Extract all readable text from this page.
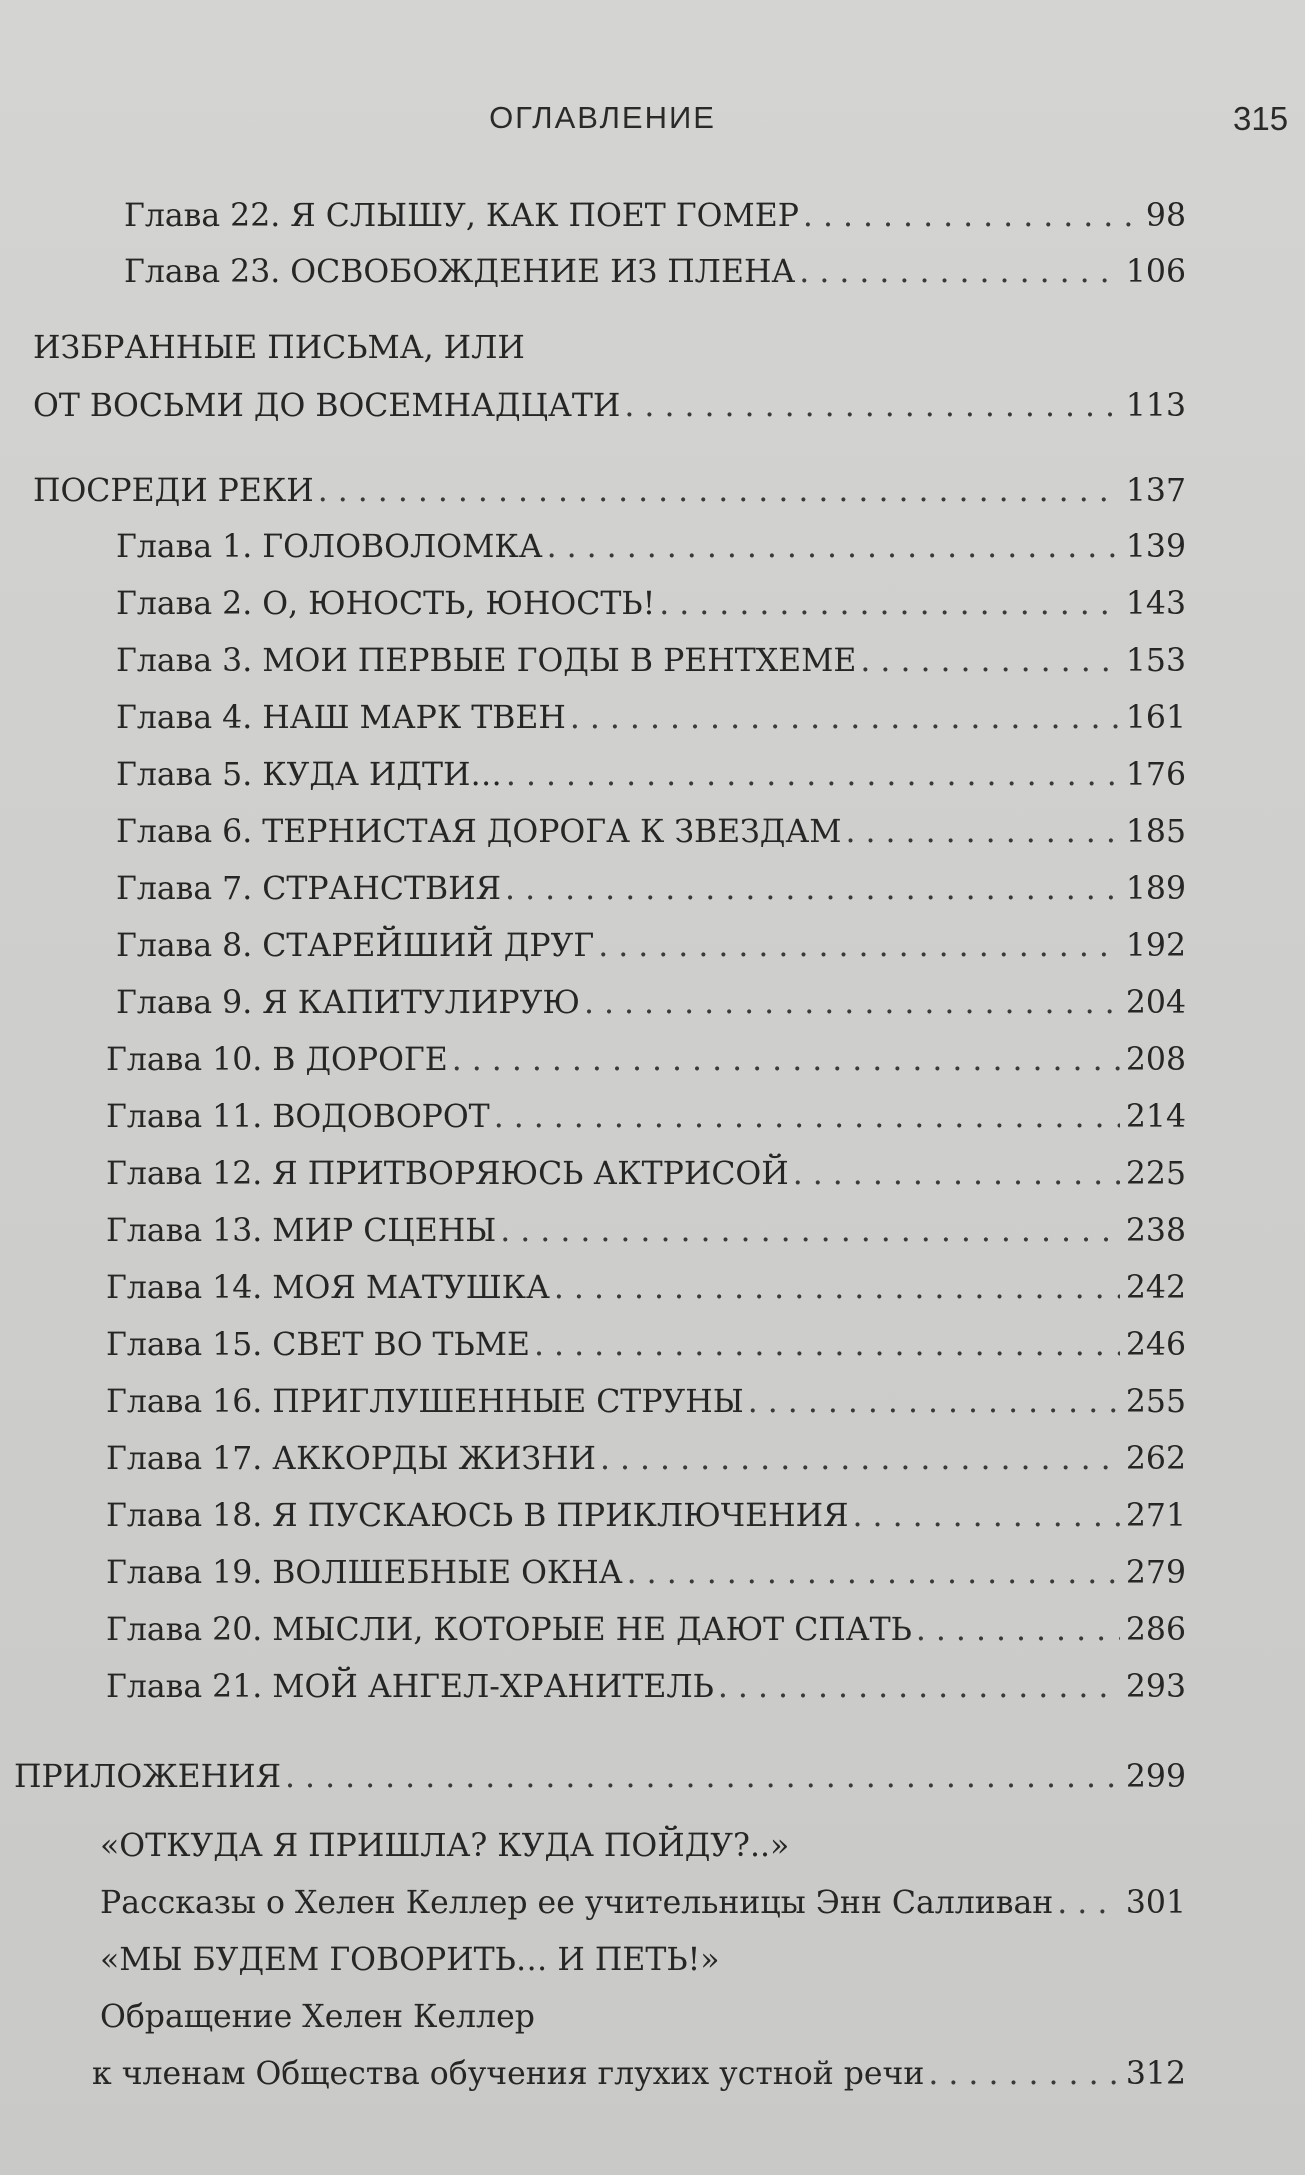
ОГЛАВЛЕНИЕ	315
Глава 22. Я СЛЫШУ, КАК ПОЕТ ГОМЕР . . .	98
Глава 23. ОСВОБОЖДЕНИЕ ИЗ ПЛЕНА . . .	106
ИЗБРАННЫЕ ПИСЬМА, ИЛИ
ОТ ВОСЬМИ ДО ВОСЕМНАДЦАТИ . . .	113
ПОСРЕДИ РЕКИ . . .	137
Глава 1. ГОЛОВОЛОМКА . . .	139
Глава 2. О, ЮНОСТЬ, ЮНОСТЬ! . . .	143
Глава 3. МОИ ПЕРВЫЕ ГОДЫ В РЕНТХЕМЕ . . .	153
Глава 4. НАШ МАРК ТВЕН . . .	161
Глава 5. КУДА ИДТИ… . . .	176
Глава 6. ТЕРНИСТАЯ ДОРОГА К ЗВЕЗДАМ . . .	185
Глава 7. СТРАНСТВИЯ . . .	189
Глава 8. СТАРЕЙШИЙ ДРУГ . . .	192
Глава 9. Я КАПИТУЛИРУЮ . . .	204
Глава 10. В ДОРОГЕ . . .	208
Глава 11. ВОДОВОРОТ . . .	214
Глава 12. Я ПРИТВОРЯЮСЬ АКТРИСОЙ . . .	225
Глава 13. МИР СЦЕНЫ . . .	238
Глава 14. МОЯ МАТУШКА . . .	242
Глава 15. СВЕТ ВО ТЬМЕ . . .	246
Глава 16. ПРИГЛУШЕННЫЕ СТРУНЫ . . .	255
Глава 17. АККОРДЫ ЖИЗНИ . . .	262
Глава 18. Я ПУСКАЮСЬ В ПРИКЛЮЧЕНИЯ . . .	271
Глава 19. ВОЛШЕБНЫЕ ОКНА . . .	279
Глава 20. МЫСЛИ, КОТОРЫЕ НЕ ДАЮТ СПАТЬ . . .	286
Глава 21. МОЙ АНГЕЛ-ХРАНИТЕЛЬ . . .	293
ПРИЛОЖЕНИЯ . . .	299
«ОТКУДА Я ПРИШЛА? КУДА ПОЙДУ?..»
Рассказы о Хелен Келлер ее учительницы Энн Салливан . . . 301
«МЫ БУДЕМ ГОВОРИТЬ… И ПЕТЬ!»
Обращение Хелен Келлер
к членам Общества обучения глухих устной речи . . .	312
